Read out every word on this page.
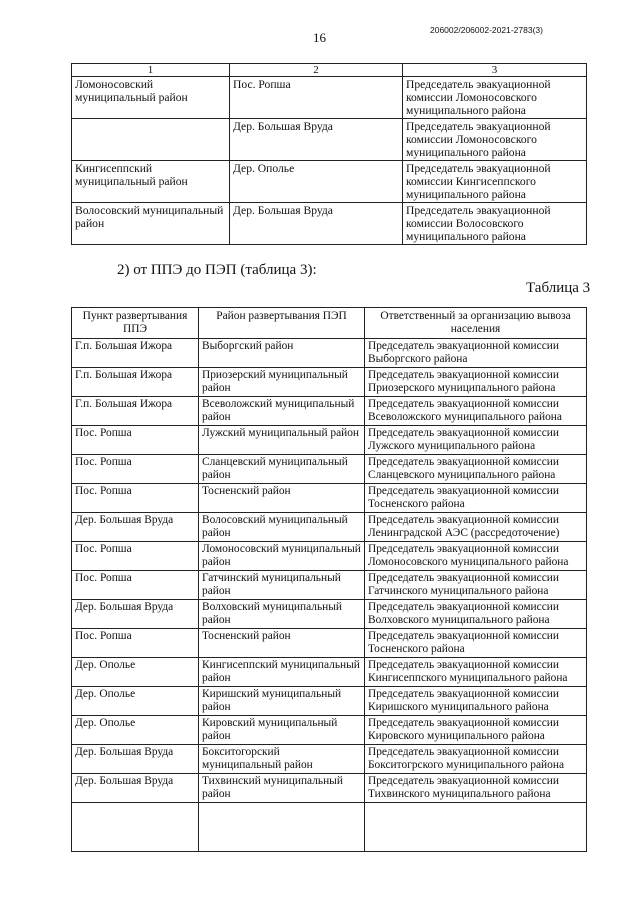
16	206002/206002-2021-2783(3)
1	2	3
Ломоносовский муниципальный район	Пос. Ропша	Председатель эвакуационной комиссии Ломоносовского муниципального района
	Дер. Большая Вруда	Председатель эвакуационной комиссии Ломоносовского муниципального района
Кингисеппский муниципальный район	Дер. Ополье	Председатель эвакуационной комиссии Кингисеппского муниципального района
Волосовский муниципальный район	Дер. Большая Вруда	Председатель эвакуационной комиссии Волосовского муниципального района
2) от ППЭ до ПЭП (таблица 3):
Таблица 3
Пункт развертывания ППЭ	Район развертывания ПЭП	Ответственный за организацию вывоза населения
Г.п. Большая Ижора	Выборгский район	Председатель эвакуационной комиссии Выборгского района
Г.п. Большая Ижора	Приозерский муниципальный район	Председатель эвакуационной комиссии Приозерского муниципального района
Г.п. Большая Ижора	Всеволожский муниципальный район	Председатель эвакуационной комиссии Всеволожского муниципального района
Пос. Ропша	Лужский муниципальный район	Председатель эвакуационной комиссии Лужского муниципального района
Пос. Ропша	Сланцевский муниципальный район	Председатель эвакуационной комиссии Сланцевского муниципального района
Пос. Ропша	Тосненский район	Председатель эвакуационной комиссии Тосненского района
Дер. Большая Вруда	Волосовский муниципальный район	Председатель эвакуационной комиссии Ленинградской АЭС (рассредоточение)
Пос. Ропша	Ломоносовский муниципальный район	Председатель эвакуационной комиссии Ломоносовского муниципального района
Пос. Ропша	Гатчинский муниципальный район	Председатель эвакуационной комиссии Гатчинского муниципального района
Дер. Большая Вруда	Волховский муниципальный район	Председатель эвакуационной комиссии Волховского муниципального района
Пос. Ропша	Тосненский район	Председатель эвакуационной комиссии Тосненского района
Дер. Ополье	Кингисеппский муниципальный район	Председатель эвакуационной комиссии Кингисеппского муниципального района
Дер. Ополье	Киришский муниципальный район	Председатель эвакуационной комиссии Киришского муниципального района
Дер. Ополье	Кировский муниципальный район	Председатель эвакуационной комиссии Кировского муниципального района
Дер. Большая Вруда	Бокситогорский муниципальный район	Председатель эвакуационной комиссии Бокситогрского муниципального района
Дер. Большая Вруда	Тихвинский муниципальный район	Председатель эвакуационной комиссии Тихвинского муниципального района
